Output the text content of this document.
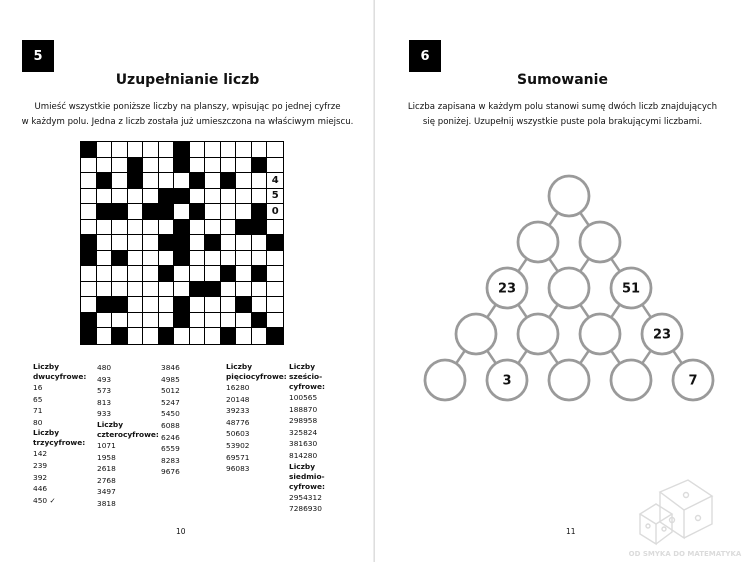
5
Uzupełnianie liczb
Umieść wszystkie poniższe liczby na planszy, wpisując po jednej cyfrze
w każdym polu. Jedna z liczb została już umieszczona na właściwym miejscu.
4
5
0
Liczby
dwucyfrowe:
16
65
71
80
Liczby
trzycyfrowe:
142
239
392
446
450 ✓
480
493
573
813
933
Liczby
czterocyfrowe:
1071
1958
2618
2768
3497
3818
3846
4985
5012
5247
5450
6088
6246
6559
8283
9676
Liczby
pięciocyfrowe:
16280
20148
39233
48776
50603
53902
69571
96083
Liczby
sześcio-
cyfrowe:
100565
188870
298958
325824
381630
814280
Liczby
siedmio-
cyfrowe:
2954312
7286930
10
6
Sumowanie
Liczba zapisana w każdym polu stanowi sumę dwóch liczb znajdujących
się poniżej. Uzupełnij wszystkie puste pola brakującymi liczbami.
23	51
23
3	7
OD SMYKA DO MATEMATYKA
11
